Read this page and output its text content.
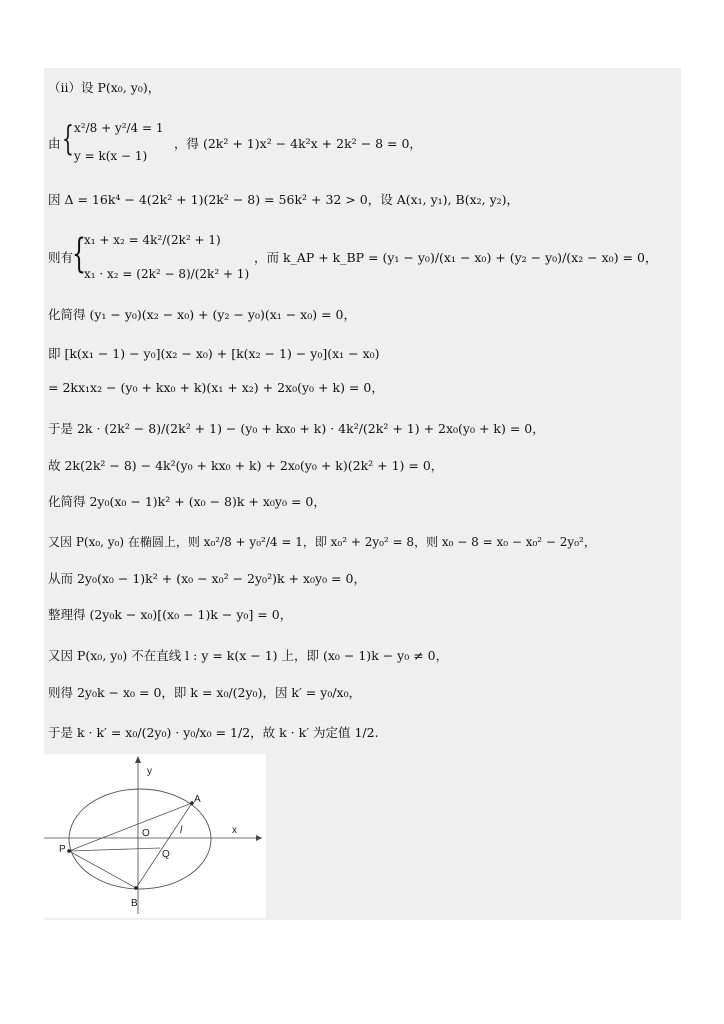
（ii）设 P(x₀, y₀)，
由 { x²/8 + y²/4 = 1
y = k(x − 1)
，得 (2k² + 1)x² − 4k²x + 2k² − 8 = 0，
因 Δ = 16k⁴ − 4(2k² + 1)(2k² − 8) = 56k² + 32 > 0，设 A(x₁, y₁), B(x₂, y₂)，
则有
{
x₁ + x₂ = 4k²/(2k² + 1)
x₁ · x₂ = (2k² − 8)/(2k² + 1)
，而 k_AP + k_BP = (y₁ − y₀)/(x₁ − x₀) + (y₂ − y₀)/(x₂ − x₀) = 0，
化简得 (y₁ − y₀)(x₂ − x₀) + (y₂ − y₀)(x₁ − x₀) = 0，
即 [k(x₁ − 1) − y₀](x₂ − x₀) + [k(x₂ − 1) − y₀](x₁ − x₀)
= 2kx₁x₂ − (y₀ + kx₀ + k)(x₁ + x₂) + 2x₀(y₀ + k) = 0，
于是 2k · (2k² − 8)/(2k² + 1) − (y₀ + kx₀ + k) · 4k²/(2k² + 1) + 2x₀(y₀ + k) = 0，
故 2k(2k² − 8) − 4k²(y₀ + kx₀ + k) + 2x₀(y₀ + k)(2k² + 1) = 0，
化简得 2y₀(x₀ − 1)k² + (x₀ − 8)k + x₀y₀ = 0，
又因 P(x₀, y₀) 在椭圆上，则 x₀²/8 + y₀²/4 = 1，即 x₀² + 2y₀² = 8，则 x₀ − 8 = x₀ − x₀² − 2y₀²，
从而 2y₀(x₀ − 1)k² + (x₀ − x₀² − 2y₀²)k + x₀y₀ = 0，
整理得 (2y₀k − x₀)[(x₀ − 1)k − y₀] = 0，
又因 P(x₀, y₀) 不在直线 l : y = k(x − 1) 上，即 (x₀ − 1)k − y₀ ≠ 0，
则得 2y₀k − x₀ = 0，即 k = x₀/(2y₀)，因 k′ = y₀/x₀，
于是 k · k′ = x₀/(2y₀) · y₀/x₀ = 1/2，故 k · k′ 为定值 1/2.
y
x
O
A
B
P	Q
l
